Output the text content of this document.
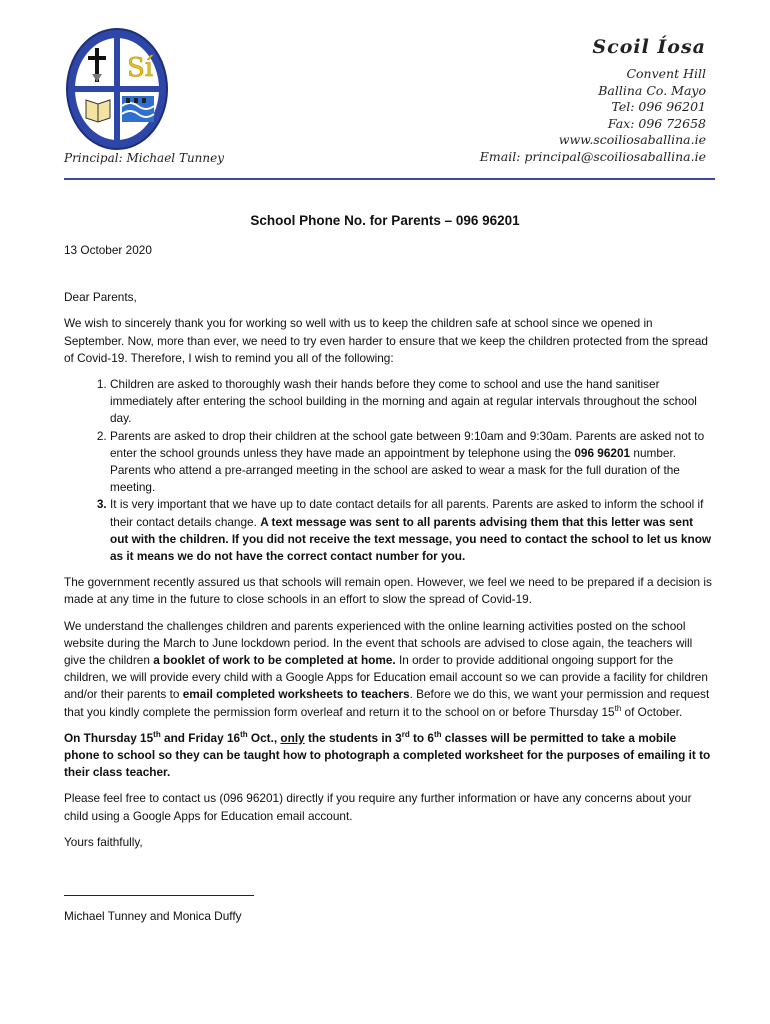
Sí
Principal: Michael Tunney
Scoil Íosa
Convent Hill
Ballina Co. Mayo
Tel: 096 96201
Fax: 096 72658
www.scoiliosaballina.ie
Email: principal@scoiliosaballina.ie
School Phone No. for Parents – 096 96201

13 October 2020

Dear Parents,

We wish to sincerely thank you for working so well with us to keep the children safe at school since we opened in September. Now, more than ever, we need to try even harder to ensure that we keep the children protected from the spread of Covid-19. Therefore, I wish to remind you all of the following:

1. Children are asked to thoroughly wash their hands before they come to school and use the hand sanitiser immediately after entering the school building in the morning and again at regular intervals throughout the school day.
2. Parents are asked to drop their children at the school gate between 9:10am and 9:30am. Parents are asked not to enter the school grounds unless they have made an appointment by telephone using the 096 96201 number. Parents who attend a pre-arranged meeting in the school are asked to wear a mask for the full duration of the meeting.
3. It is very important that we have up to date contact details for all parents. Parents are asked to inform the school if their contact details change. A text message was sent to all parents advising them that this letter was sent out with the children. If you did not receive the text message, you need to contact the school to let us know as it means we do not have the correct contact number for you.

The government recently assured us that schools will remain open. However, we feel we need to be prepared if a decision is made at any time in the future to close schools in an effort to slow the spread of Covid-19.

We understand the challenges children and parents experienced with the online learning activities posted on the school website during the March to June lockdown period. In the event that schools are advised to close again, the teachers will give the children a booklet of work to be completed at home. In order to provide additional ongoing support for the children, we will provide every child with a Google Apps for Education email account so we can provide a facility for children and/or their parents to email completed worksheets to teachers. Before we do this, we want your permission and request that you kindly complete the permission form overleaf and return it to the school on or before Thursday 15th of October.

On Thursday 15th and Friday 16th Oct., only the students in 3rd to 6th classes will be permitted to take a mobile phone to school so they can be taught how to photograph a completed worksheet for the purposes of emailing it to their class teacher.

Please feel free to contact us (096 96201) directly if you require any further information or have any concerns about your child using a Google Apps for Education email account.

Yours faithfully,

Michael Tunney and Monica Duffy
